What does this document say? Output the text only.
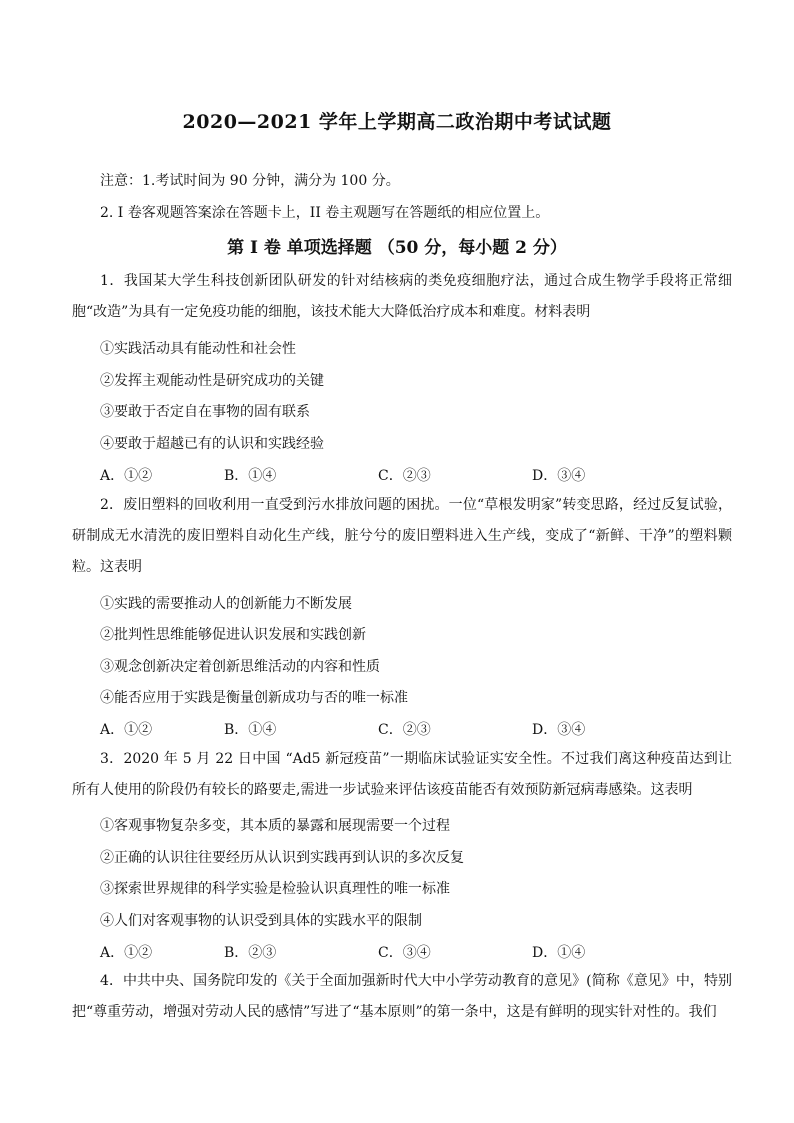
2020—2021 学年上学期高二政治期中考试试题
注意：1.考试时间为 90 分钟，满分为 100 分。
2. I 卷客观题答案涂在答题卡上，II 卷主观题写在答题纸的相应位置上。
第 I 卷 单项选择题 （50 分，每小题 2 分）
1．我国某大学生科技创新团队研发的针对结核病的类免疫细胞疗法，通过合成生物学手段将正常细胞“改造”为具有一定免疫功能的细胞，该技术能大大降低治疗成本和难度。材料表明
①实践活动具有能动性和社会性
②发挥主观能动性是研究成功的关键
③要敢于否定自在事物的固有联系
④要敢于超越已有的认识和实践经验
A．①②	B．①④	C．②③	D．③④
2．废旧塑料的回收利用一直受到污水排放问题的困扰。一位“草根发明家”转变思路，经过反复试验，研制成无水清洗的废旧塑料自动化生产线，脏兮兮的废旧塑料进入生产线，变成了“新鲜、干净”的塑料颗粒。这表明
①实践的需要推动人的创新能力不断发展
②批判性思维能够促进认识发展和实践创新
③观念创新决定着创新思维活动的内容和性质
④能否应用于实践是衡量创新成功与否的唯一标准
A．①②	B．①④	C．②③	D．③④
3．2020 年 5 月 22 日中国 “Ad5 新冠疫苗”一期临床试验证实安全性。不过我们离这种疫苗达到让所有人使用的阶段仍有较长的路要走,需进一步试验来评估该疫苗能否有效预防新冠病毒感染。这表明
①客观事物复杂多变，其本质的暴露和展现需要一个过程
②正确的认识往往要经历从认识到实践再到认识的多次反复
③探索世界规律的科学实验是检验认识真理性的唯一标准
④人们对客观事物的认识受到具体的实践水平的限制
A．①②	B．②③	C．③④	D．①④
4．中共中央、国务院印发的《关于全面加强新时代大中小学劳动教育的意见》(简称《意见》中，特别把“尊重劳动，增强对劳动人民的感情”写进了“基本原则”的第一条中，这是有鲜明的现实针对性的。我们
